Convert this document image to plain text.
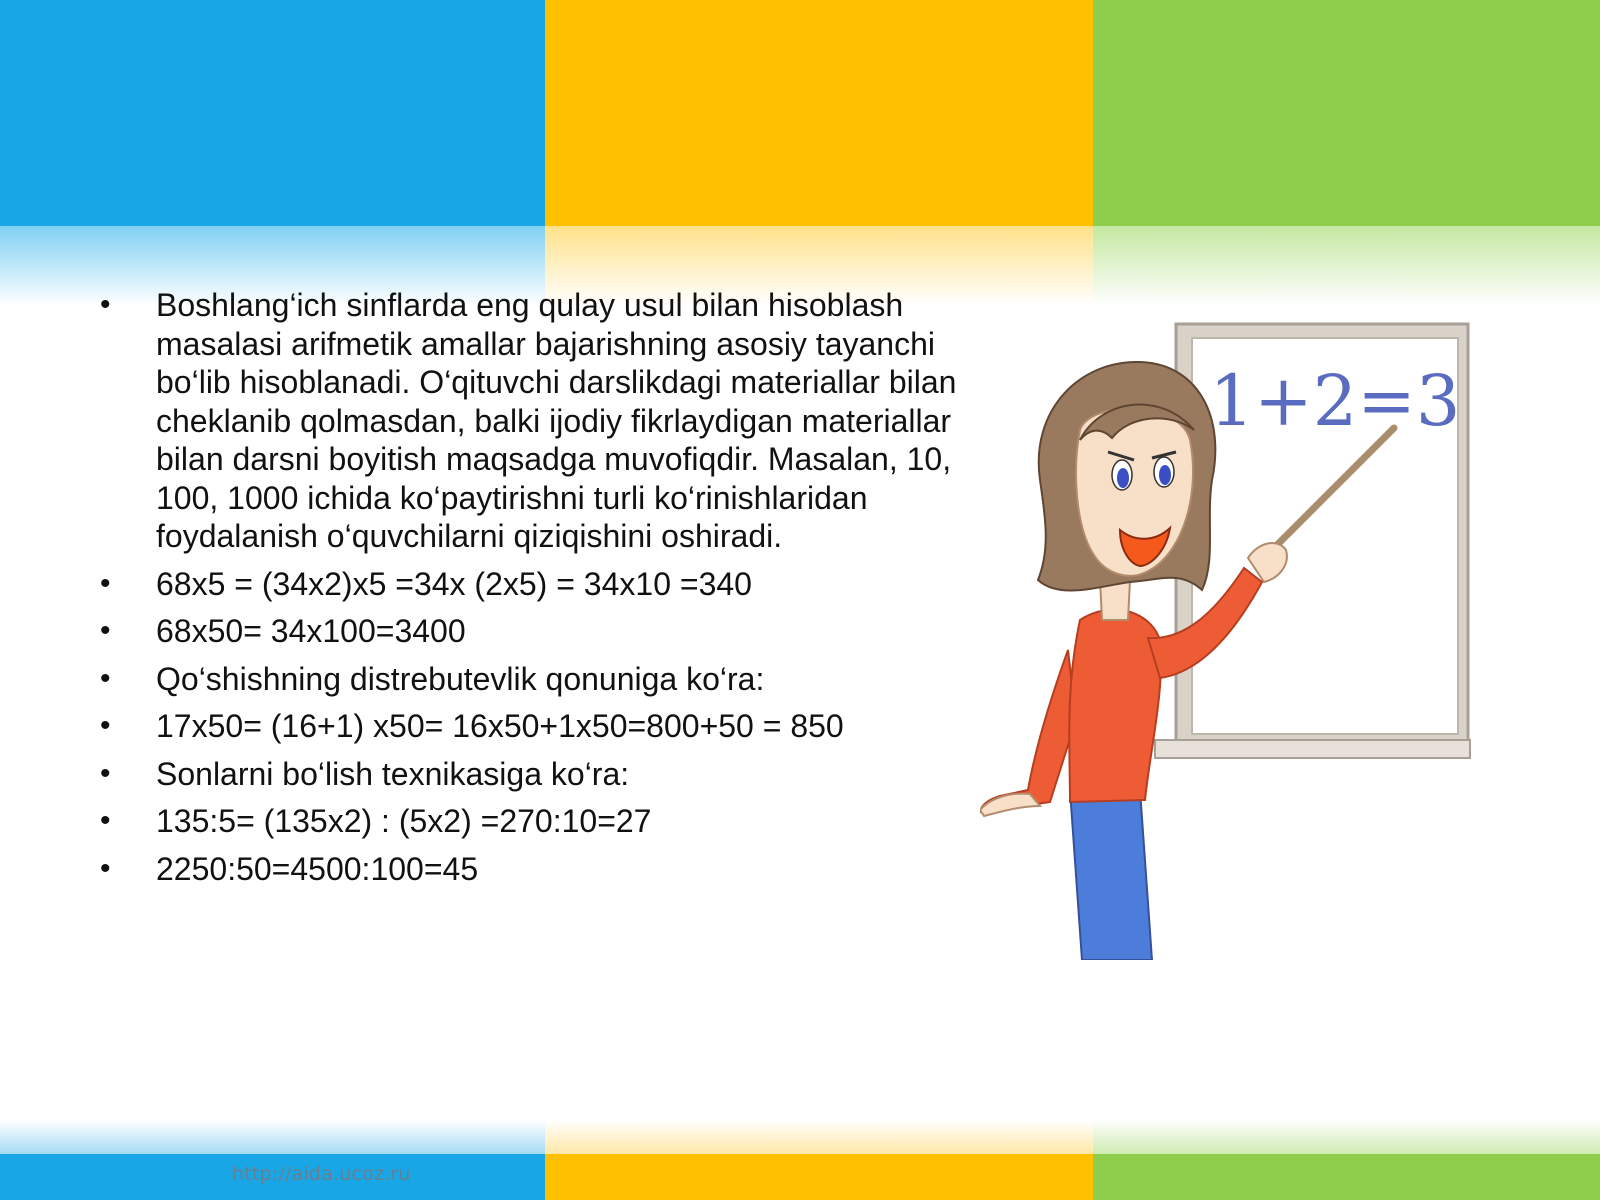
• Boshlang‘ich sinflarda eng qulay usul bilan hisoblash masalasi arifmetik amallar bajarishning asosiy tayanchi bo‘lib hisoblanadi. O‘qituvchi darslikdagi materiallar bilan cheklanib qolmasdan, balki ijodiy fikrlaydigan materiallar bilan darsni boyitish maqsadga muvofiqdir. Masalan, 10, 100, 1000 ichida ko‘paytirishni turli ko‘rinishlaridan foydalanish o‘quvchilarni qiziqishini oshiradi.
• 68x5 = (34x2)x5 =34x (2x5) = 34x10 =340
• 68x50= 34x100=3400
• Qo‘shishning distrebutevlik qonuniga ko‘ra:
• 17x50= (16+1) x50= 16x50+1x50=800+50 = 850
• Sonlarni bo‘lish texnikasiga ko‘ra:
• 135:5= (135x2) : (5x2) =270:10=27
• 2250:50=4500:100=45
1+2=3
http://aida.ucoz.ru
